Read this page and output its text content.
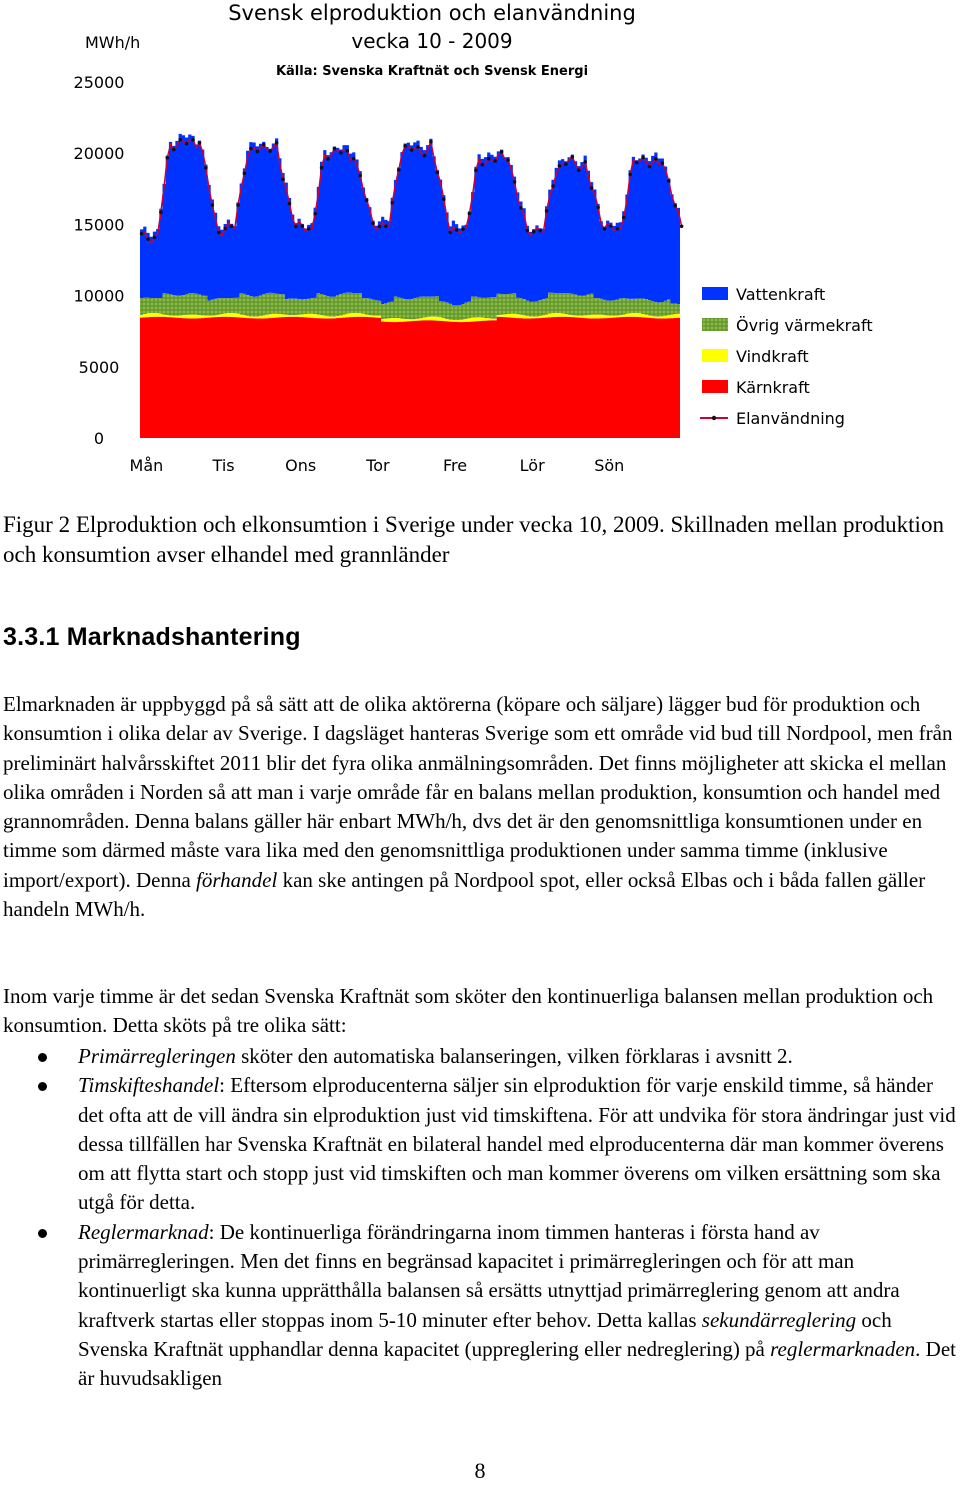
Svensk elproduktion och elanvändning
vecka 10 - 2009
Källa: Svenska Kraftnät och Svensk Energi
MWh/h
0
5000
10000
15000
20000
25000
Mån	Tis	Ons	Tor	Fre	Lör	Sön
Vattenkraft
Övrig värmekraft
Vindkraft
Kärnkraft
Elanvändning

Figur 2 Elproduktion och elkonsumtion i Sverige under vecka 10, 2009. Skillnaden mellan produktion och konsumtion avser elhandel med grannländer

3.3.1 Marknadshantering

Elmarknaden är uppbyggd på så sätt att de olika aktörerna (köpare och säljare) lägger bud för produktion och konsumtion i olika delar av Sverige. I dagsläget hanteras Sverige som ett område vid bud till Nordpool, men från preliminärt halvårsskiftet 2011 blir det fyra olika anmälningsområden. Det finns möjligheter att skicka el mellan olika områden i Norden så att man i varje område får en balans mellan produktion, konsumtion och handel med grannområden. Denna balans gäller här enbart MWh/h, dvs det är den genomsnittliga konsumtionen under en timme som därmed måste vara lika med den genomsnittliga produktionen under samma timme (inklusive import/export). Denna förhandel kan ske antingen på Nordpool spot, eller också Elbas och i båda fallen gäller handeln MWh/h.

Inom varje timme är det sedan Svenska Kraftnät som sköter den kontinuerliga balansen mellan produktion och konsumtion. Detta sköts på tre olika sätt:

Primärregleringen sköter den automatiska balanseringen, vilken förklaras i avsnitt 2.
Timskifteshandel: Eftersom elproducenterna säljer sin elproduktion för varje enskild timme, så händer det ofta att de vill ändra sin elproduktion just vid timskiftena. För att undvika för stora ändringar just vid dessa tillfällen har Svenska Kraftnät en bilateral handel med elproducenterna där man kommer överens om att flytta start och stopp just vid timskiften och man kommer överens om vilken ersättning som ska utgå för detta.
Reglermarknad: De kontinuerliga förändringarna inom timmen hanteras i första hand av primärregleringen. Men det finns en begränsad kapacitet i primärregleringen och för att man kontinuerligt ska kunna upprätthålla balansen så ersätts utnyttjad primärreglering genom att andra kraftverk startas eller stoppas inom 5-10 minuter efter behov. Detta kallas sekundärreglering och Svenska Kraftnät upphandlar denna kapacitet (uppreglering eller nedreglering) på reglermarknaden. Det är huvudsakligen
8
